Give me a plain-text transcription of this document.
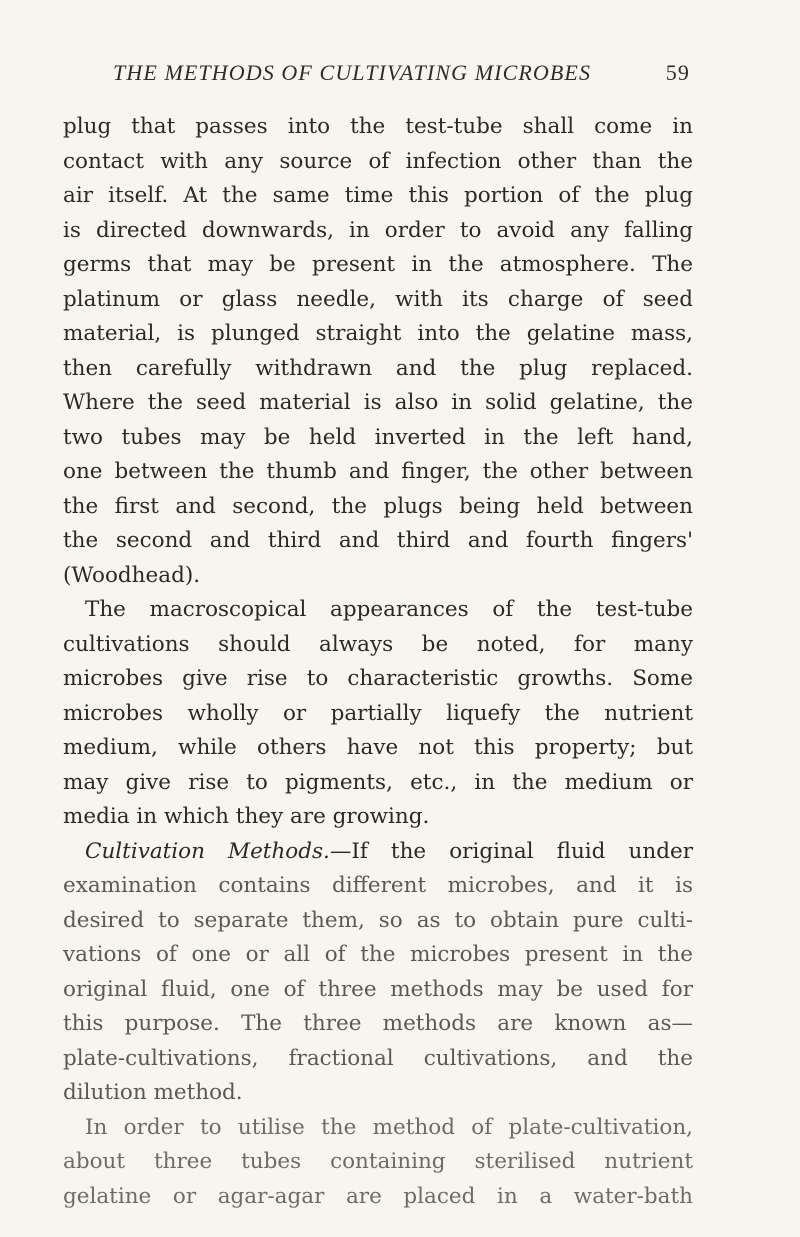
THE METHODS OF CULTIVATING MICROBES	59
plug that passes into the test-tube shall come in
contact with any source of infection other than the
air itself. At the same time this portion of the plug
is directed downwards, in order to avoid any falling
germs that may be present in the atmosphere. The
platinum or glass needle, with its charge of seed
material, is plunged straight into the gelatine mass,
then carefully withdrawn and the plug replaced.
Where the seed material is also in solid gelatine, the
two tubes may be held inverted in the left hand,
one between the thumb and finger, the other between
the first and second, the plugs being held between
the second and third and third and fourth fingers'
(Woodhead).
The macroscopical appearances of the test-tube
cultivations should always be noted, for many
microbes give rise to characteristic growths. Some
microbes wholly or partially liquefy the nutrient
medium, while others have not this property; but
may give rise to pigments, etc., in the medium or
media in which they are growing.
Cultivation Methods.—If the original fluid under
examination contains different microbes, and it is
desired to separate them, so as to obtain pure culti-
vations of one or all of the microbes present in the
original fluid, one of three methods may be used for
this purpose. The three methods are known as—
plate-cultivations, fractional cultivations, and the
dilution method.
In order to utilise the method of plate-cultivation,
about three tubes containing sterilised nutrient
gelatine or agar-agar are placed in a water-bath
